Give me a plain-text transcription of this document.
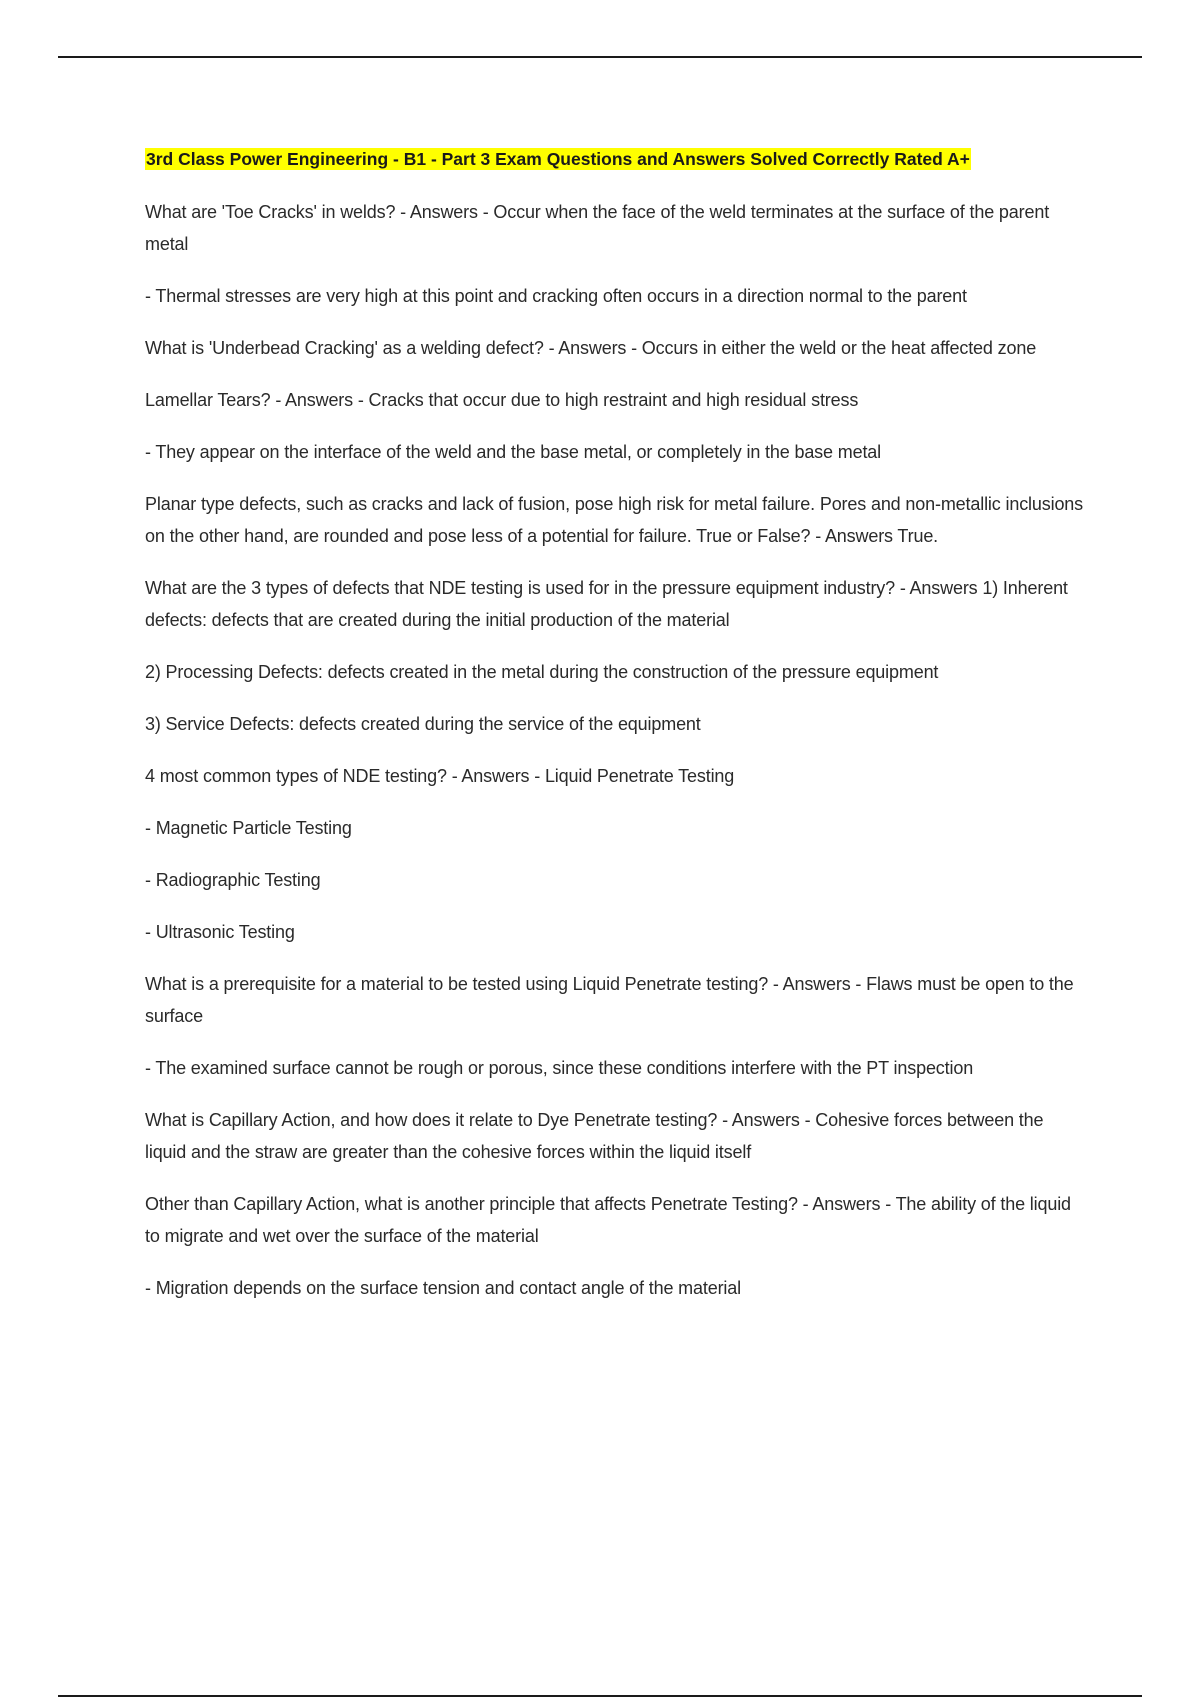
3rd Class Power Engineering - B1 - Part 3 Exam Questions and Answers Solved Correctly Rated A+

What are 'Toe Cracks' in welds? - Answers - Occur when the face of the weld terminates at the surface of the parent metal

- Thermal stresses are very high at this point and cracking often occurs in a direction normal to the parent

What is 'Underbead Cracking' as a welding defect? - Answers - Occurs in either the weld or the heat affected zone

Lamellar Tears? - Answers - Cracks that occur due to high restraint and high residual stress

- They appear on the interface of the weld and the base metal, or completely in the base metal

Planar type defects, such as cracks and lack of fusion, pose high risk for metal failure. Pores and non-metallic inclusions on the other hand, are rounded and pose less of a potential for failure. True or False? - Answers True.

What are the 3 types of defects that NDE testing is used for in the pressure equipment industry? - Answers 1) Inherent defects: defects that are created during the initial production of the material

2) Processing Defects: defects created in the metal during the construction of the pressure equipment

3) Service Defects: defects created during the service of the equipment

4 most common types of NDE testing? - Answers - Liquid Penetrate Testing

- Magnetic Particle Testing

- Radiographic Testing

- Ultrasonic Testing

What is a prerequisite for a material to be tested using Liquid Penetrate testing? - Answers - Flaws must be open to the surface

- The examined surface cannot be rough or porous, since these conditions interfere with the PT inspection

What is Capillary Action, and how does it relate to Dye Penetrate testing? - Answers - Cohesive forces between the liquid and the straw are greater than the cohesive forces within the liquid itself

Other than Capillary Action, what is another principle that affects Penetrate Testing? - Answers - The ability of the liquid to migrate and wet over the surface of the material

- Migration depends on the surface tension and contact angle of the material
